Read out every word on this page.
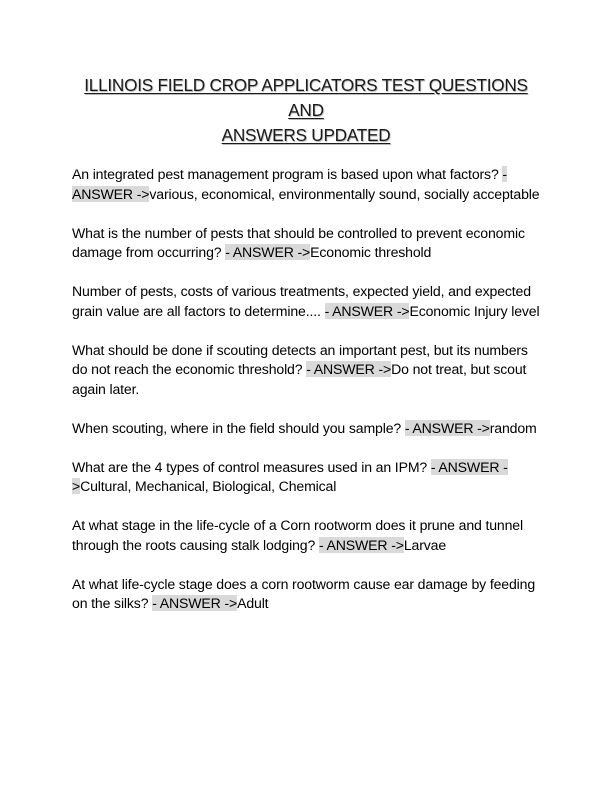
ILLINOIS FIELD CROP APPLICATORS TEST QUESTIONS AND
ANSWERS UPDATED
An integrated pest management program is based upon what factors? - ANSWER ->various, economical, environmentally sound, socially acceptable
What is the number of pests that should be controlled to prevent economic damage from occurring? - ANSWER ->Economic threshold
Number of pests, costs of various treatments, expected yield, and expected grain value are all factors to determine.... - ANSWER ->Economic Injury level
What should be done if scouting detects an important pest, but its numbers do not reach the economic threshold? - ANSWER ->Do not treat, but scout again later.
When scouting, where in the field should you sample? - ANSWER ->random
What are the 4 types of control measures used in an IPM? - ANSWER ->Cultural, Mechanical, Biological, Chemical
At what stage in the life-cycle of a Corn rootworm does it prune and tunnel through the roots causing stalk lodging? - ANSWER ->Larvae
At what life-cycle stage does a corn rootworm cause ear damage by feeding on the silks? - ANSWER ->Adult
